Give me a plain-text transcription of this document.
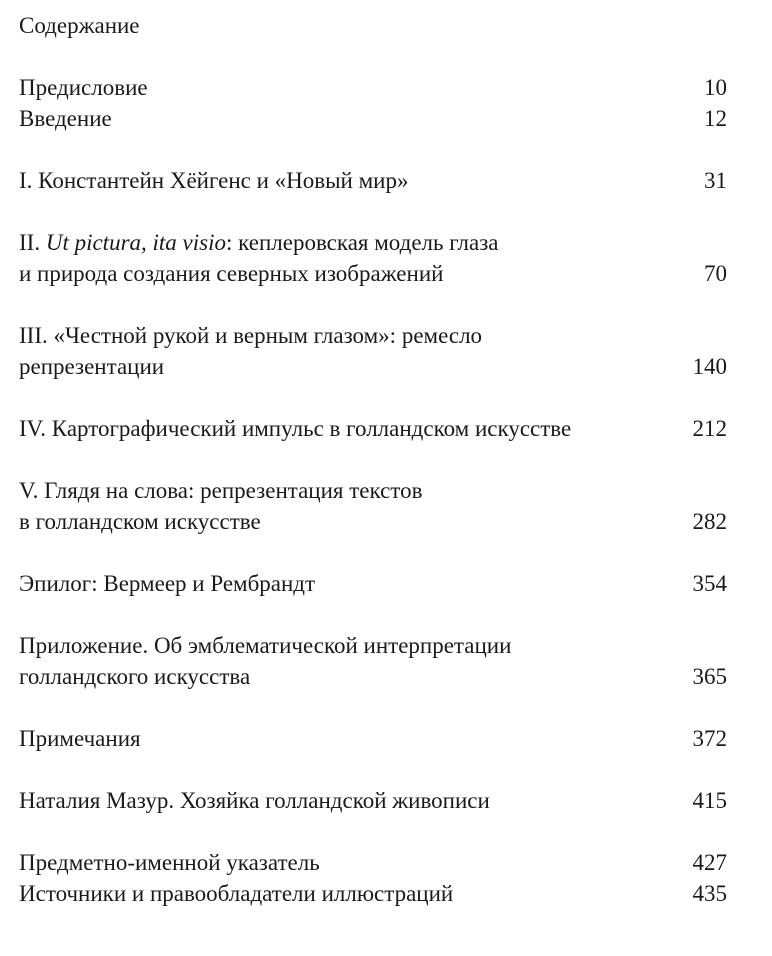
Содержание
Предисловие	10
Введение	12
I. Константейн Хёйгенс и «Новый мир»	31
II. Ut pictura, ita visio: кеплеровская модель глаза
и природа создания северных изображений	70
III. «Честной рукой и верным глазом»: ремесло
репрезентации	140
IV. Картографический импульс в голландском искусстве	212
V. Глядя на слова: репрезентация текстов
в голландском искусстве	282
Эпилог: Вермеер и Рембрандт	354
Приложение. Об эмблематической интерпретации
голландского искусства	365
Примечания	372
Наталия Мазур. Хозяйка голландской живописи	415
Предметно-именной указатель	427
Источники и правообладатели иллюстраций	435
